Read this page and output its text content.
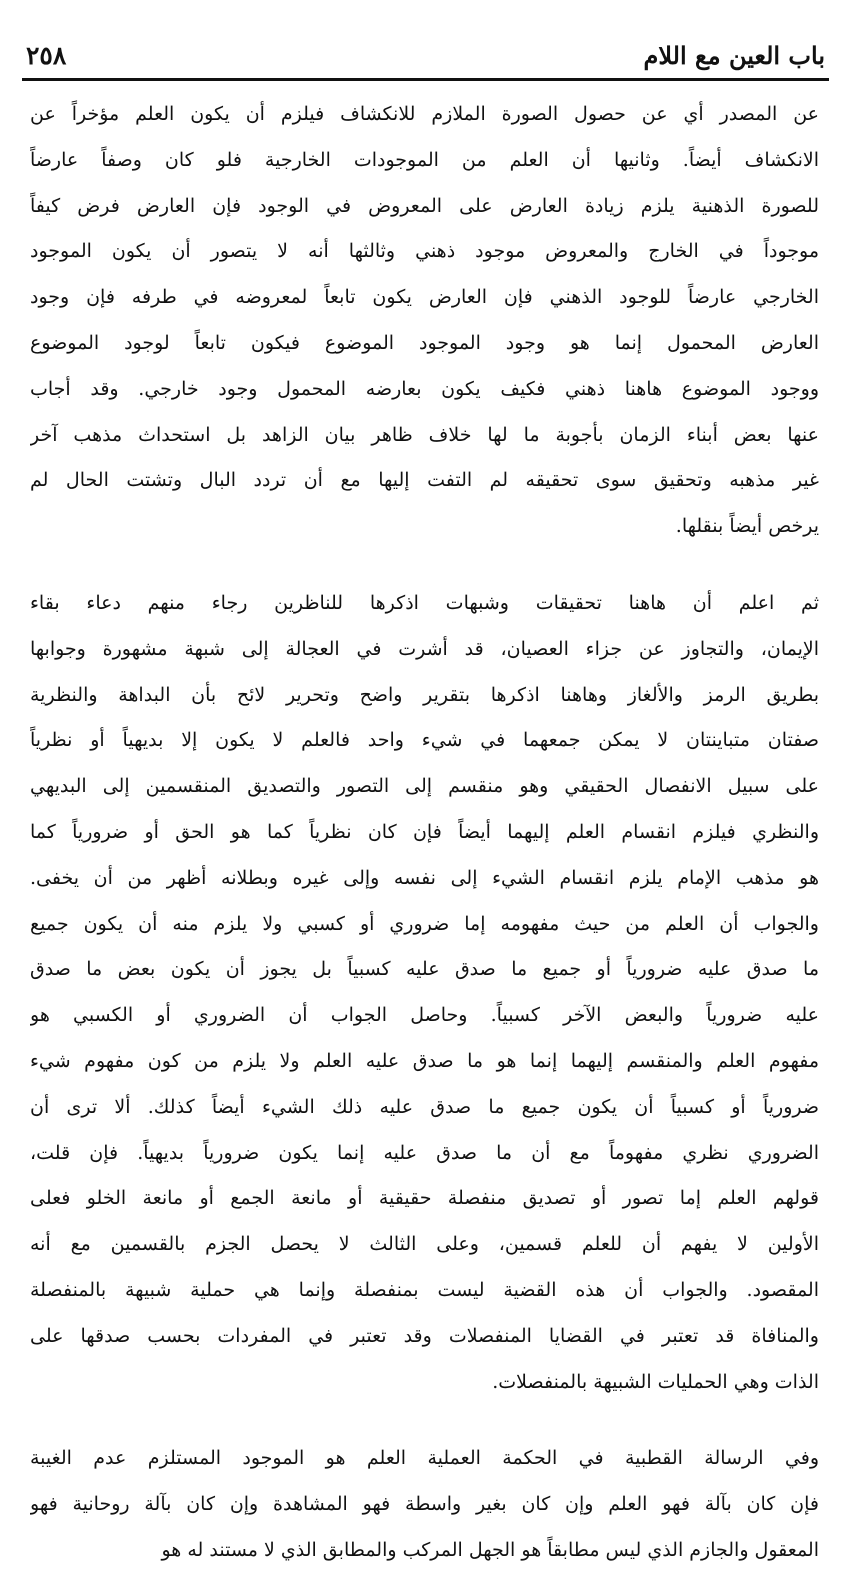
باب العين مع اللام
٢٥٨
عن المصدر أي عن حصول الصورة الملازم للانكشاف فيلزم أن يكون العلم مؤخراً عن
الانكشاف أيضاً. وثانيها أن العلم من الموجودات الخارجية فلو كان وصفاً عارضاً
للصورة الذهنية يلزم زيادة العارض على المعروض في الوجود فإن العارض فرض كيفاً
موجوداً في الخارج والمعروض موجود ذهني وثالثها أنه لا يتصور أن يكون الموجود
الخارجي عارضاً للوجود الذهني فإن العارض يكون تابعاً لمعروضه في طرفه فإن وجود
العارض المحمول إنما هو وجود الموجود الموضوع فيكون تابعاً لوجود الموضوع
ووجود الموضوع هاهنا ذهني فكيف يكون بعارضه المحمول وجود خارجي. وقد أجاب
عنها بعض أبناء الزمان بأجوبة ما لها خلاف ظاهر بيان الزاهد بل استحداث مذهب آخر
غير مذهبه وتحقيق سوى تحقيقه لم التفت إليها مع أن تردد البال وتشتت الحال لم
يرخص أيضاً بنقلها.
ثم اعلم أن هاهنا تحقيقات وشبهات اذكرها للناظرين رجاء منهم دعاء بقاء
الإيمان، والتجاوز عن جزاء العصيان، قد أشرت في العجالة إلى شبهة مشهورة وجوابها
بطريق الرمز والألغاز وهاهنا اذكرها بتقرير واضح وتحرير لائح بأن البداهة والنظرية
صفتان متباينتان لا يمكن جمعهما في شيء واحد فالعلم لا يكون إلا بديهياً أو نظرياً
على سبيل الانفصال الحقيقي وهو منقسم إلى التصور والتصديق المنقسمين إلى البديهي
والنظري فيلزم انقسام العلم إليهما أيضاً فإن كان نظرياً كما هو الحق أو ضرورياً كما
هو مذهب الإمام يلزم انقسام الشيء إلى نفسه وإلى غيره وبطلانه أظهر من أن يخفى.
والجواب أن العلم من حيث مفهومه إما ضروري أو كسبي ولا يلزم منه أن يكون جميع
ما صدق عليه ضرورياً أو جميع ما صدق عليه كسبياً بل يجوز أن يكون بعض ما صدق
عليه ضرورياً والبعض الآخر كسبياً. وحاصل الجواب أن الضروري أو الكسبي هو
مفهوم العلم والمنقسم إليهما إنما هو ما صدق عليه العلم ولا يلزم من كون مفهوم شيء
ضرورياً أو كسبياً أن يكون جميع ما صدق عليه ذلك الشيء أيضاً كذلك. ألا ترى أن
الضروري نظري مفهوماً مع أن ما صدق عليه إنما يكون ضرورياً بديهياً. فإن قلت،
قولهم العلم إما تصور أو تصديق منفصلة حقيقية أو مانعة الجمع أو مانعة الخلو فعلى
الأولين لا يفهم أن للعلم قسمين، وعلى الثالث لا يحصل الجزم بالقسمين مع أنه
المقصود. والجواب أن هذه القضية ليست بمنفصلة وإنما هي حملية شبيهة بالمنفصلة
والمنافاة قد تعتبر في القضايا المنفصلات وقد تعتبر في المفردات بحسب صدقها على
الذات وهي الحمليات الشبيهة بالمنفصلات.
وفي الرسالة القطبية في الحكمة العملية العلم هو الموجود المستلزم عدم الغيبة
فإن كان بآلة فهو العلم وإن كان بغير واسطة فهو المشاهدة وإن كان بآلة روحانية فهو
المعقول والجازم الذي ليس مطابقاً هو الجهل المركب والمطابق الذي لا مستند له هو
